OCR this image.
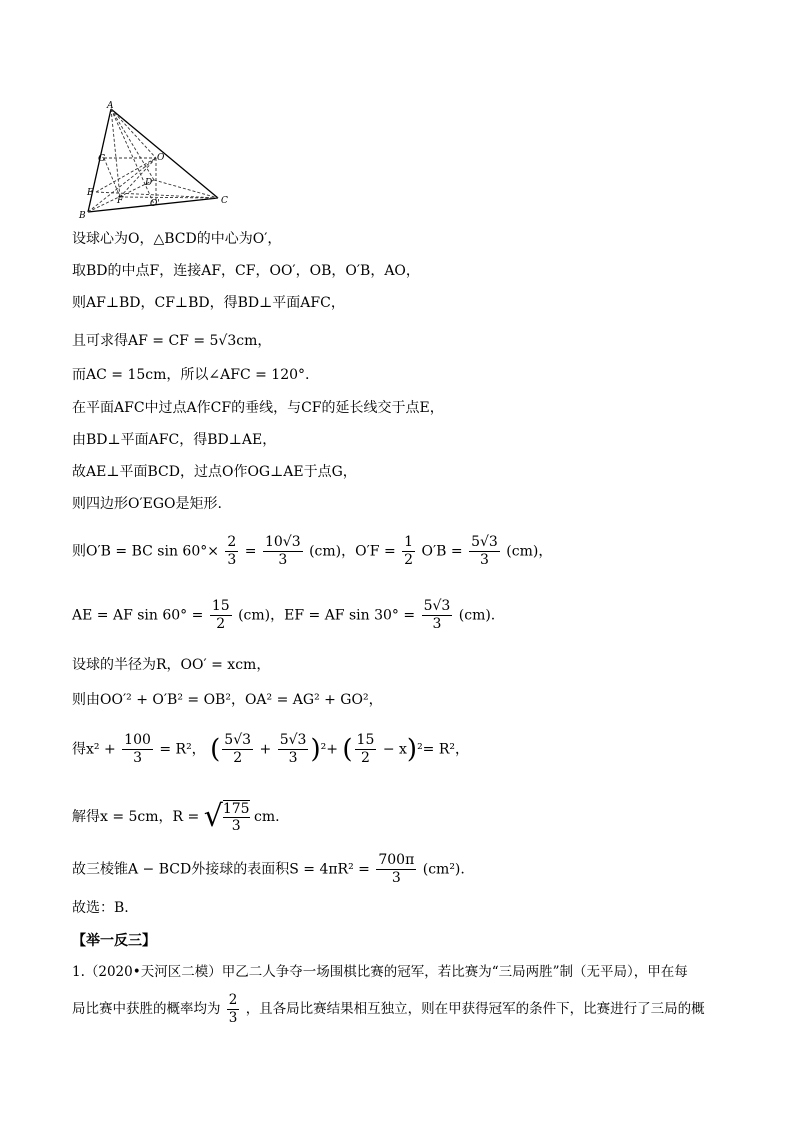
A
G	O
D
E
F	O'
B
C
设球心为O，△BCD的中心为O′，
取BD的中点F，连接AF，CF，OO′，OB，O′B，AO，
则AF⊥BD，CF⊥BD，得BD⊥平面AFC，
且可求得AF = CF = 5√3cm，
而AC = 15cm，所以∠AFC = 120°.
在平面AFC中过点A作CF的垂线，与CF的延长线交于点E，
由BD⊥平面AFC，得BD⊥AE，
故AE⊥平面BCD，过点O作OG⊥AE于点G，
则四边形O′EGO是矩形.
则O′B = BC $\sin 60^\circ\times \frac{2}{3} = \frac{10√3}{3} (cm)$，$O'F = \frac{1}{2} O'B = \frac{5√3}{3} (cm)$，
AE = AF $\sin 60^\circ = \frac{15}{2} (cm)$，EF = AF $\sin 30^\circ = \frac{5√3}{3} (cm)$.
设球的半径为R，OO′ = xcm，
则由OO′² + O′B² = OB²，OA² = AG² + GO²，
得$x^2 + \frac{100}{3} = R^2$， ( $\frac{5√3}{2} + \frac{5√3}{3} )^2+$ ( $\frac{15}{2} - x)^2= R^2$，
解得x = 5cm，R = √ $\frac{175}{3}$ cm.
故三棱锥A − BCD外接球的表面积$S = 4\pi R^2 = \frac{700\pi}{3} (cm^2)$.
故选：B.
【举一反三】
1.（2020•天河区二模）甲乙二人争夺一场围棋比赛的冠军，若比赛为“三局两胜”制（无平局），甲在每
局比赛中获胜的概率均为 $\frac{2}{3}$ ，且各局比赛结果相互独立，则在甲获得冠军的条件下，比赛进行了三局的概
